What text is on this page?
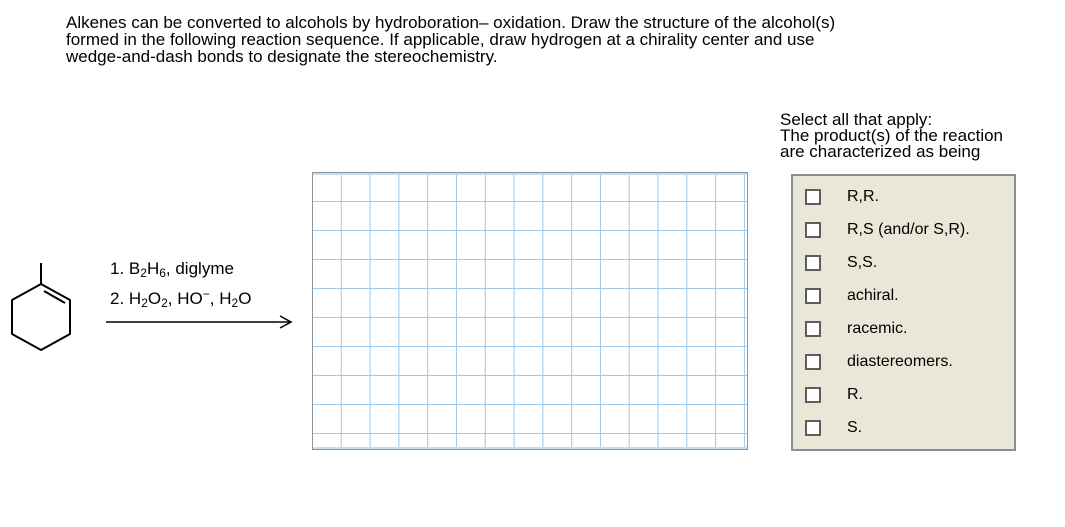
Alkenes can be converted to alcohols by hydroboration– oxidation. Draw the structure of the alcohol(s)
formed in the following reaction sequence. If applicable, draw hydrogen at a chirality center and use
wedge-and-dash bonds to designate the stereochemistry.
1. $B_2H_6$, diglyme
2. $H_2O_2$, HO−, $H_2O$
Select all that apply:
The product(s) of the reaction
are characterized as being
R,R.
R,S (and/or S,R).
S,S.
achiral.
racemic.
diastereomers.
R.
S.
